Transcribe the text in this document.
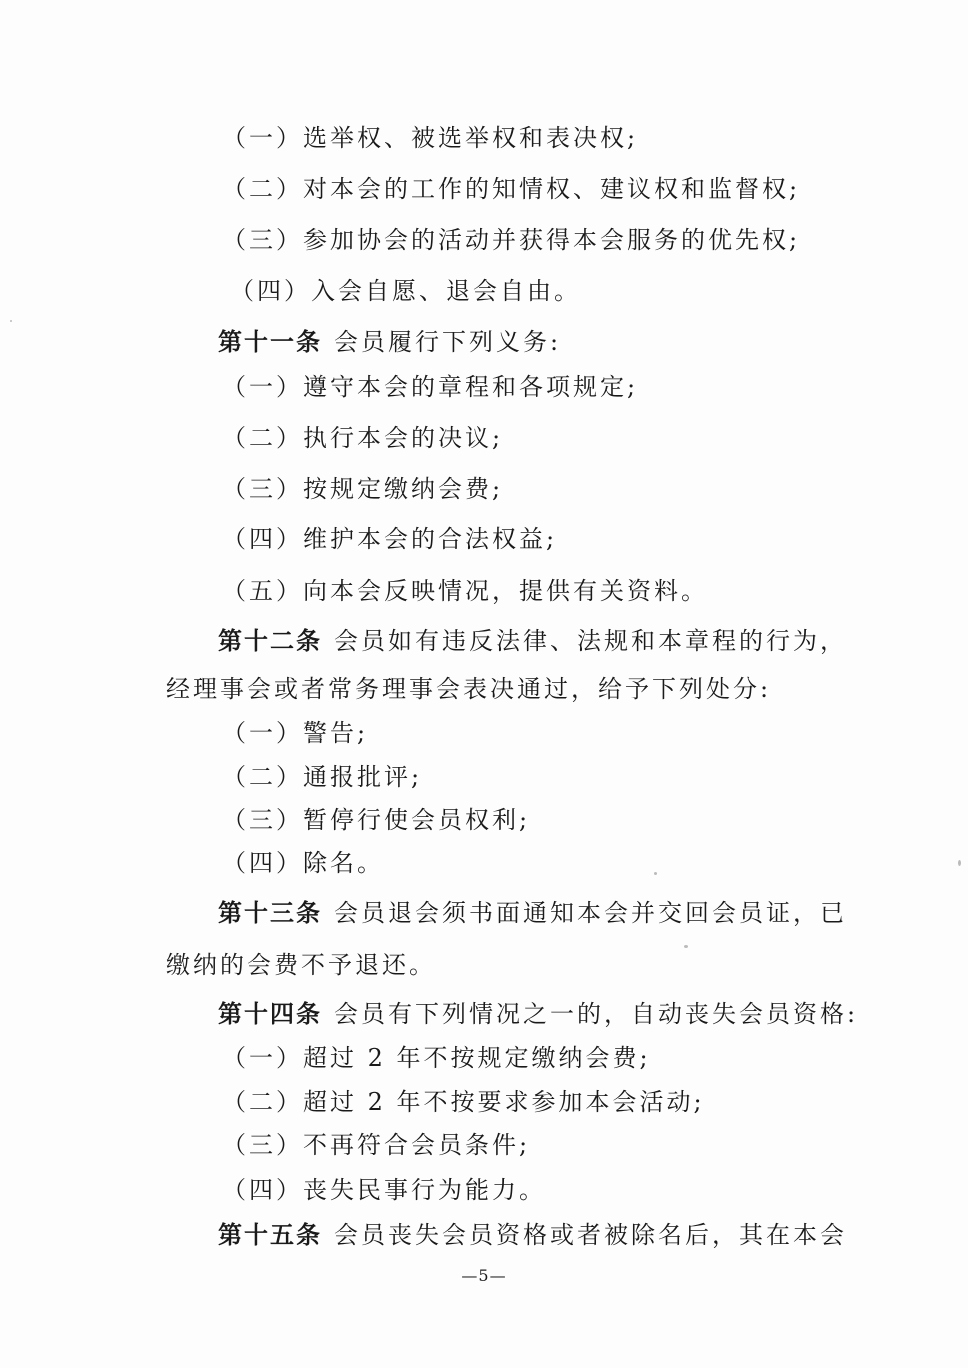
（一）选举权、被选举权和表决权;
（二）对本会的工作的知情权、建议权和监督权;
（三）参加协会的活动并获得本会服务的优先权;
（四）入会自愿、退会自由。
第十一条 会员履行下列义务:
（一）遵守本会的章程和各项规定;
（二）执行本会的决议;
（三）按规定缴纳会费;
（四）维护本会的合法权益;
（五）向本会反映情况，提供有关资料。
第十二条 会员如有违反法律、法规和本章程的行为，
经理事会或者常务理事会表决通过，给予下列处分:
（一）警告;
（二）通报批评;
（三）暂停行使会员权利;
（四）除名。
第十三条 会员退会须书面通知本会并交回会员证，已
缴纳的会费不予退还。
第十四条 会员有下列情况之一的，自动丧失会员资格:
（一）超过 2 年不按规定缴纳会费;
（二）超过 2 年不按要求参加本会活动;
（三）不再符合会员条件;
（四）丧失民事行为能力。
第十五条 会员丧失会员资格或者被除名后，其在本会
—5—
